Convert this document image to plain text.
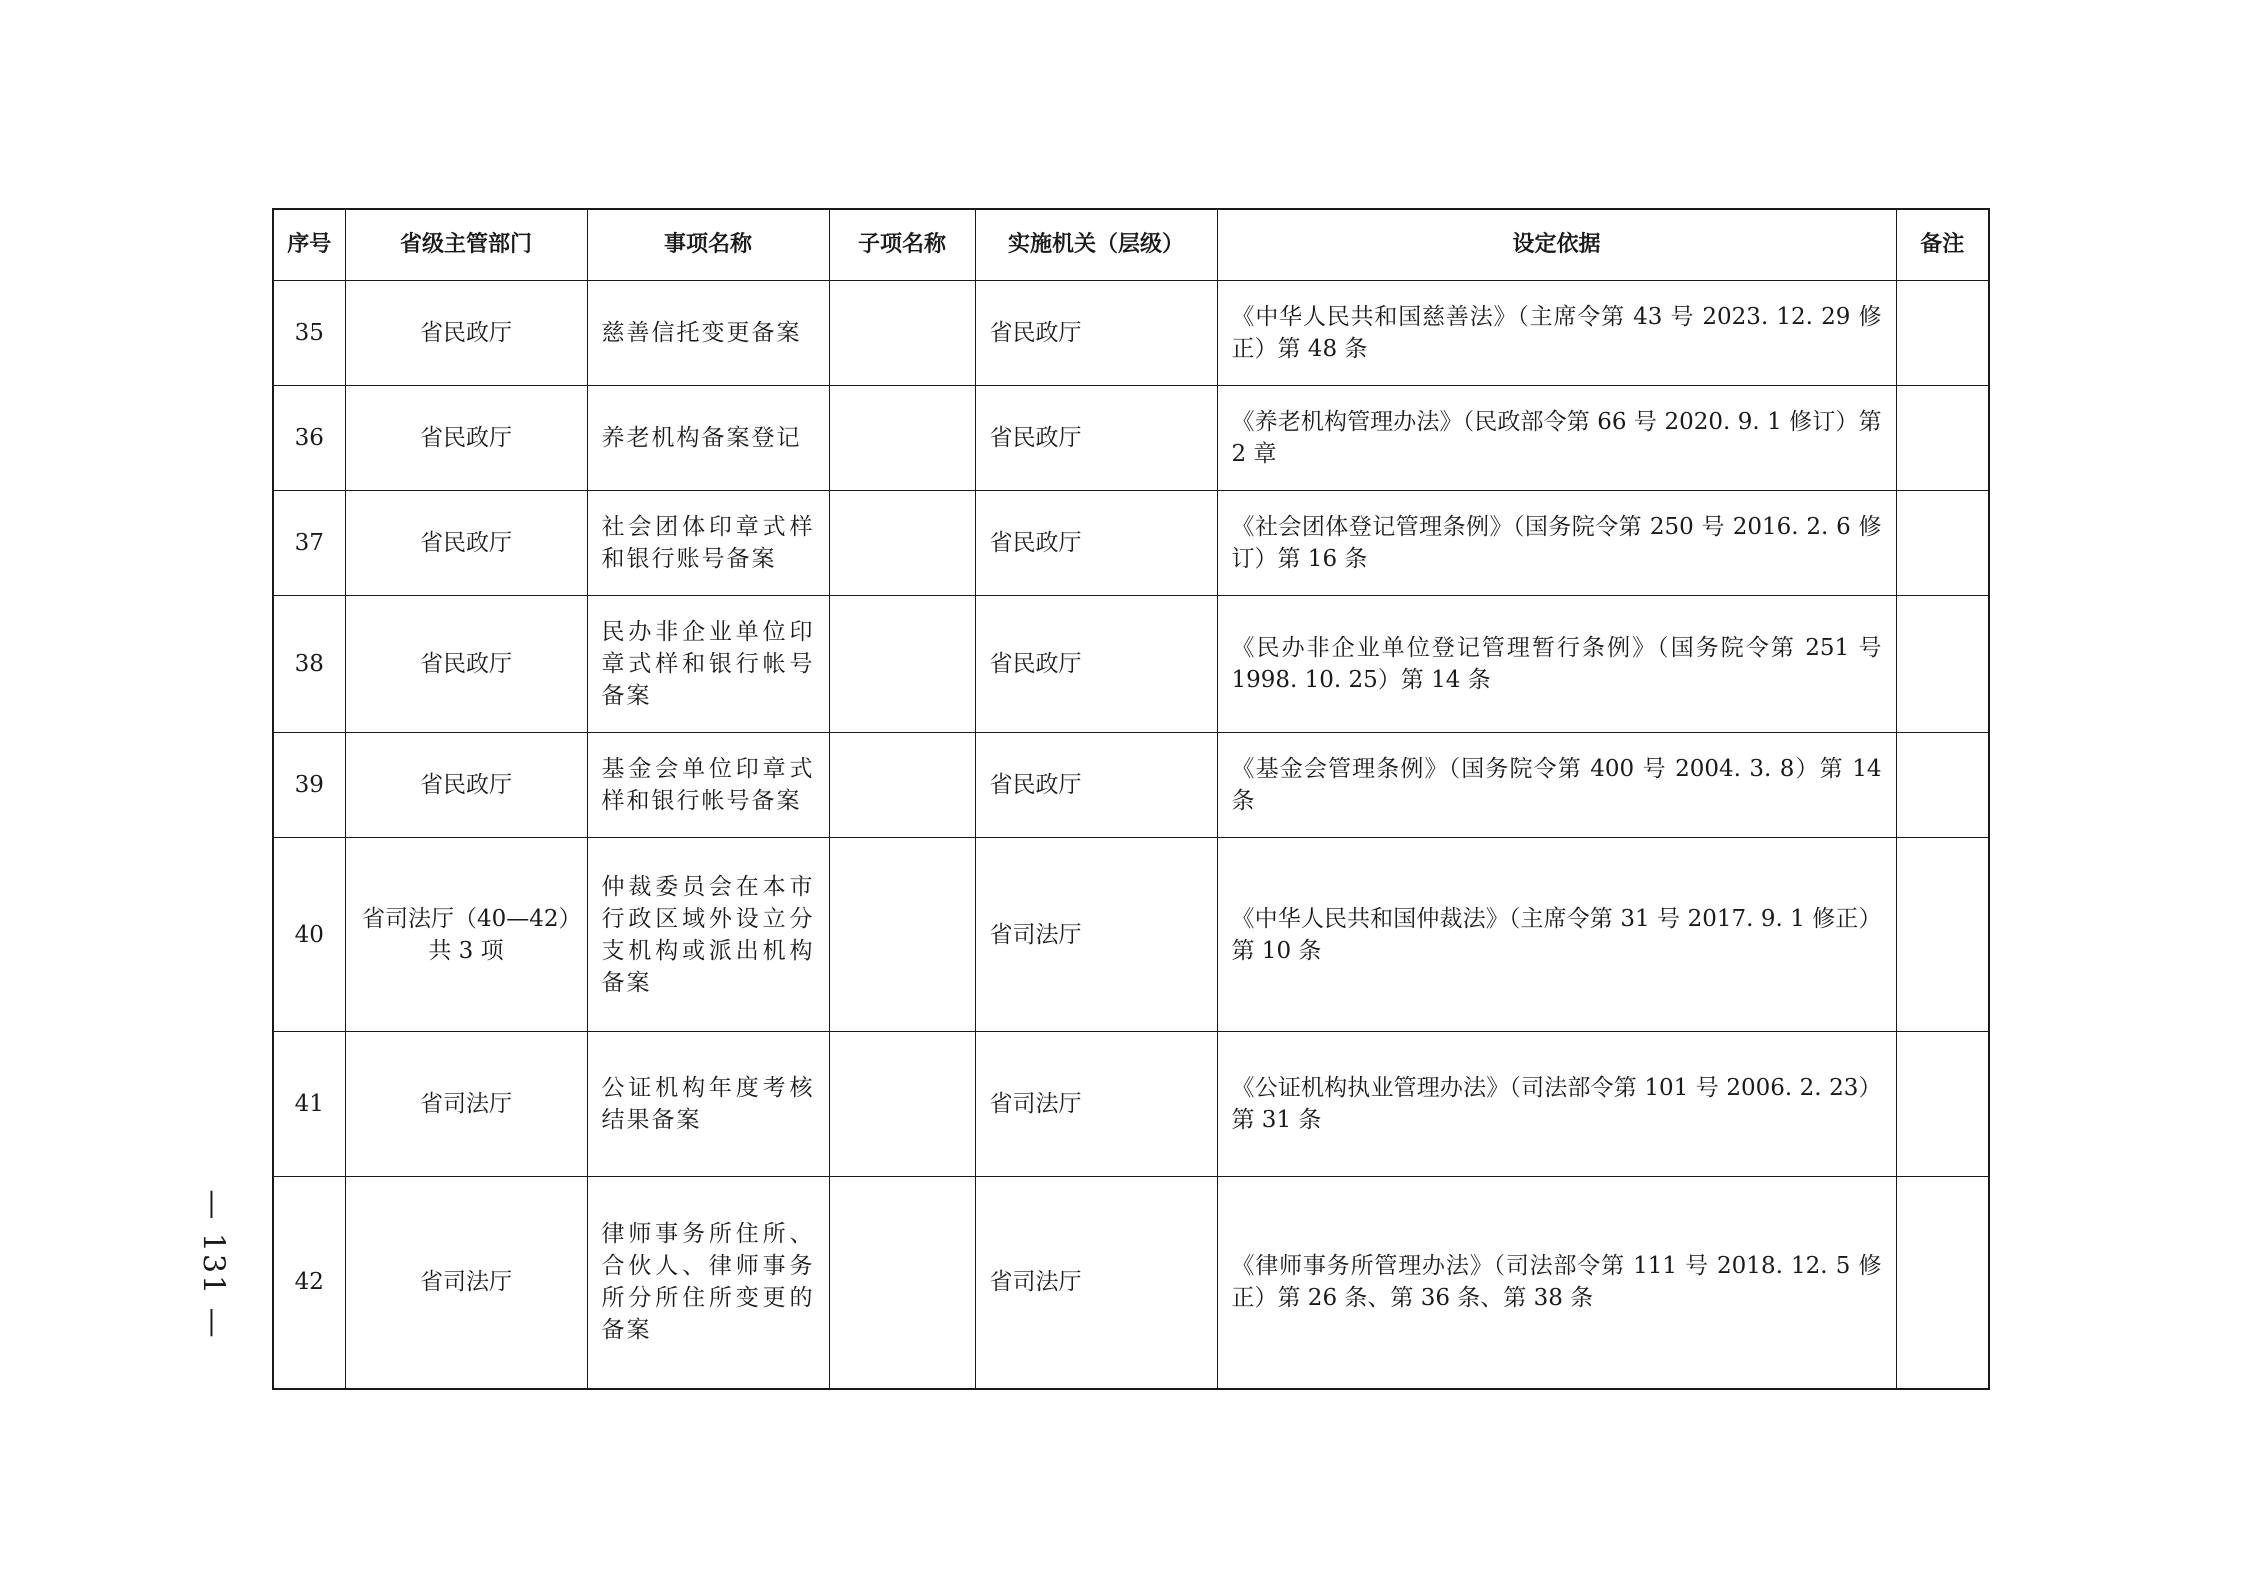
— 131 —
序号	省级主管部门	事项名称	子项名称	实施机关（层级）	设定依据	备注
35	省民政厅	慈善信托变更备案		省民政厅	《中华人民共和国慈善法》（主席令第 43 号 2023. 12. 29 修正）第 48 条	
36	省民政厅	养老机构备案登记		省民政厅	《养老机构管理办法》（民政部令第 66 号 2020. 9. 1 修订）第 2 章	
37	省民政厅	社会团体印章式样和银行账号备案		省民政厅	《社会团体登记管理条例》（国务院令第 250 号 2016. 2. 6 修订）第 16 条	
38	省民政厅	民办非企业单位印章式样和银行帐号备案		省民政厅	《民办非企业单位登记管理暂行条例》（国务院令第 251 号 1998. 10. 25）第 14 条	
39	省民政厅	基金会单位印章式样和银行帐号备案		省民政厅	《基金会管理条例》（国务院令第 400 号 2004. 3. 8）第 14 条	
40	省司法厅（40—42）共 3 项	仲裁委员会在本市行政区域外设立分支机构或派出机构备案		省司法厅	《中华人民共和国仲裁法》（主席令第 31 号 2017. 9. 1 修正）第 10 条	
41	省司法厅	公证机构年度考核结果备案		省司法厅	《公证机构执业管理办法》（司法部令第 101 号 2006. 2. 23）第 31 条	
42	省司法厅	律师事务所住所、合伙人、律师事务所分所住所变更的备案		省司法厅	《律师事务所管理办法》（司法部令第 111 号 2018. 12. 5 修正）第 26 条、第 36 条、第 38 条	
